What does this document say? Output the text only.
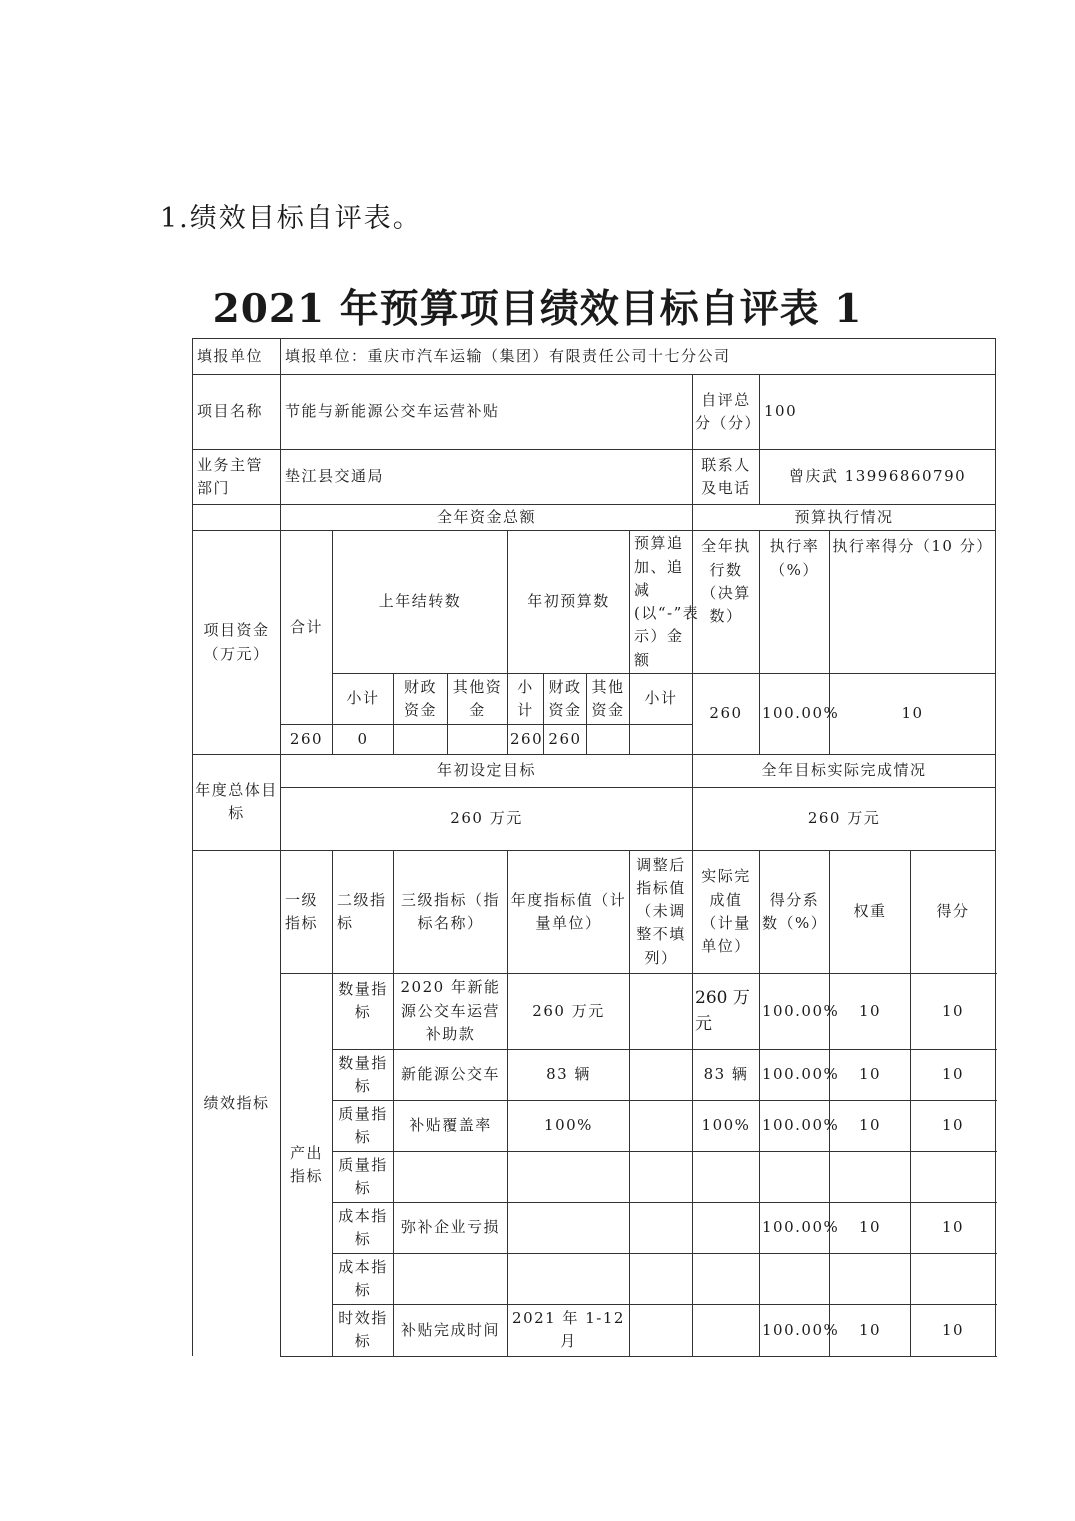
1.绩效目标自评表。
2021 年预算项目绩效目标自评表 1
填报单位	填报单位：重庆市汽车运输（集团）有限责任公司十七分公司											
项目名称	节能与新能源公交车运营补贴								自评总分（分）	100		
业务主管部门	垫江县交通局								联系人及电话	曾庆武 13996860790		
	全年资金总额								预算执行情况			
项目资金（万元）	合计	上年结转数			年初预算数			预算追加、追减(以“-”表示）金额	全年执行数（决算数）	执行率（%）	执行率得分（10 分）	
		小计	财政资金	其他资金	小计	财政资金	其他资金	小计	260	100.00%	10	
	260	0			260	260						
年度总体目标	年初设定目标								全年目标实际完成情况			
	260 万元								260 万元			
绩效指标	一级指标	二级指标	三级指标（指标名称）		年度指标值（计量单位）			调整后指标值（未调整不填列）	实际完成值（计量单位）	得分系数（%）	权重	得分
	产出指标	数量指标	2020 年新能源公交车运营补助款		260 万元				260 万元	100.00%	10	10
		数量指标	新能源公交车		83 辆				83 辆	100.00%	10	10
		质量指标	补贴覆盖率		100%				100%	100.00%	10	10
		质量指标										
		成本指标	弥补企业亏损							100.00%	10	10
		成本指标										
		时效指标	补贴完成时间		2021 年 1-12 月					100.00%	10	10
